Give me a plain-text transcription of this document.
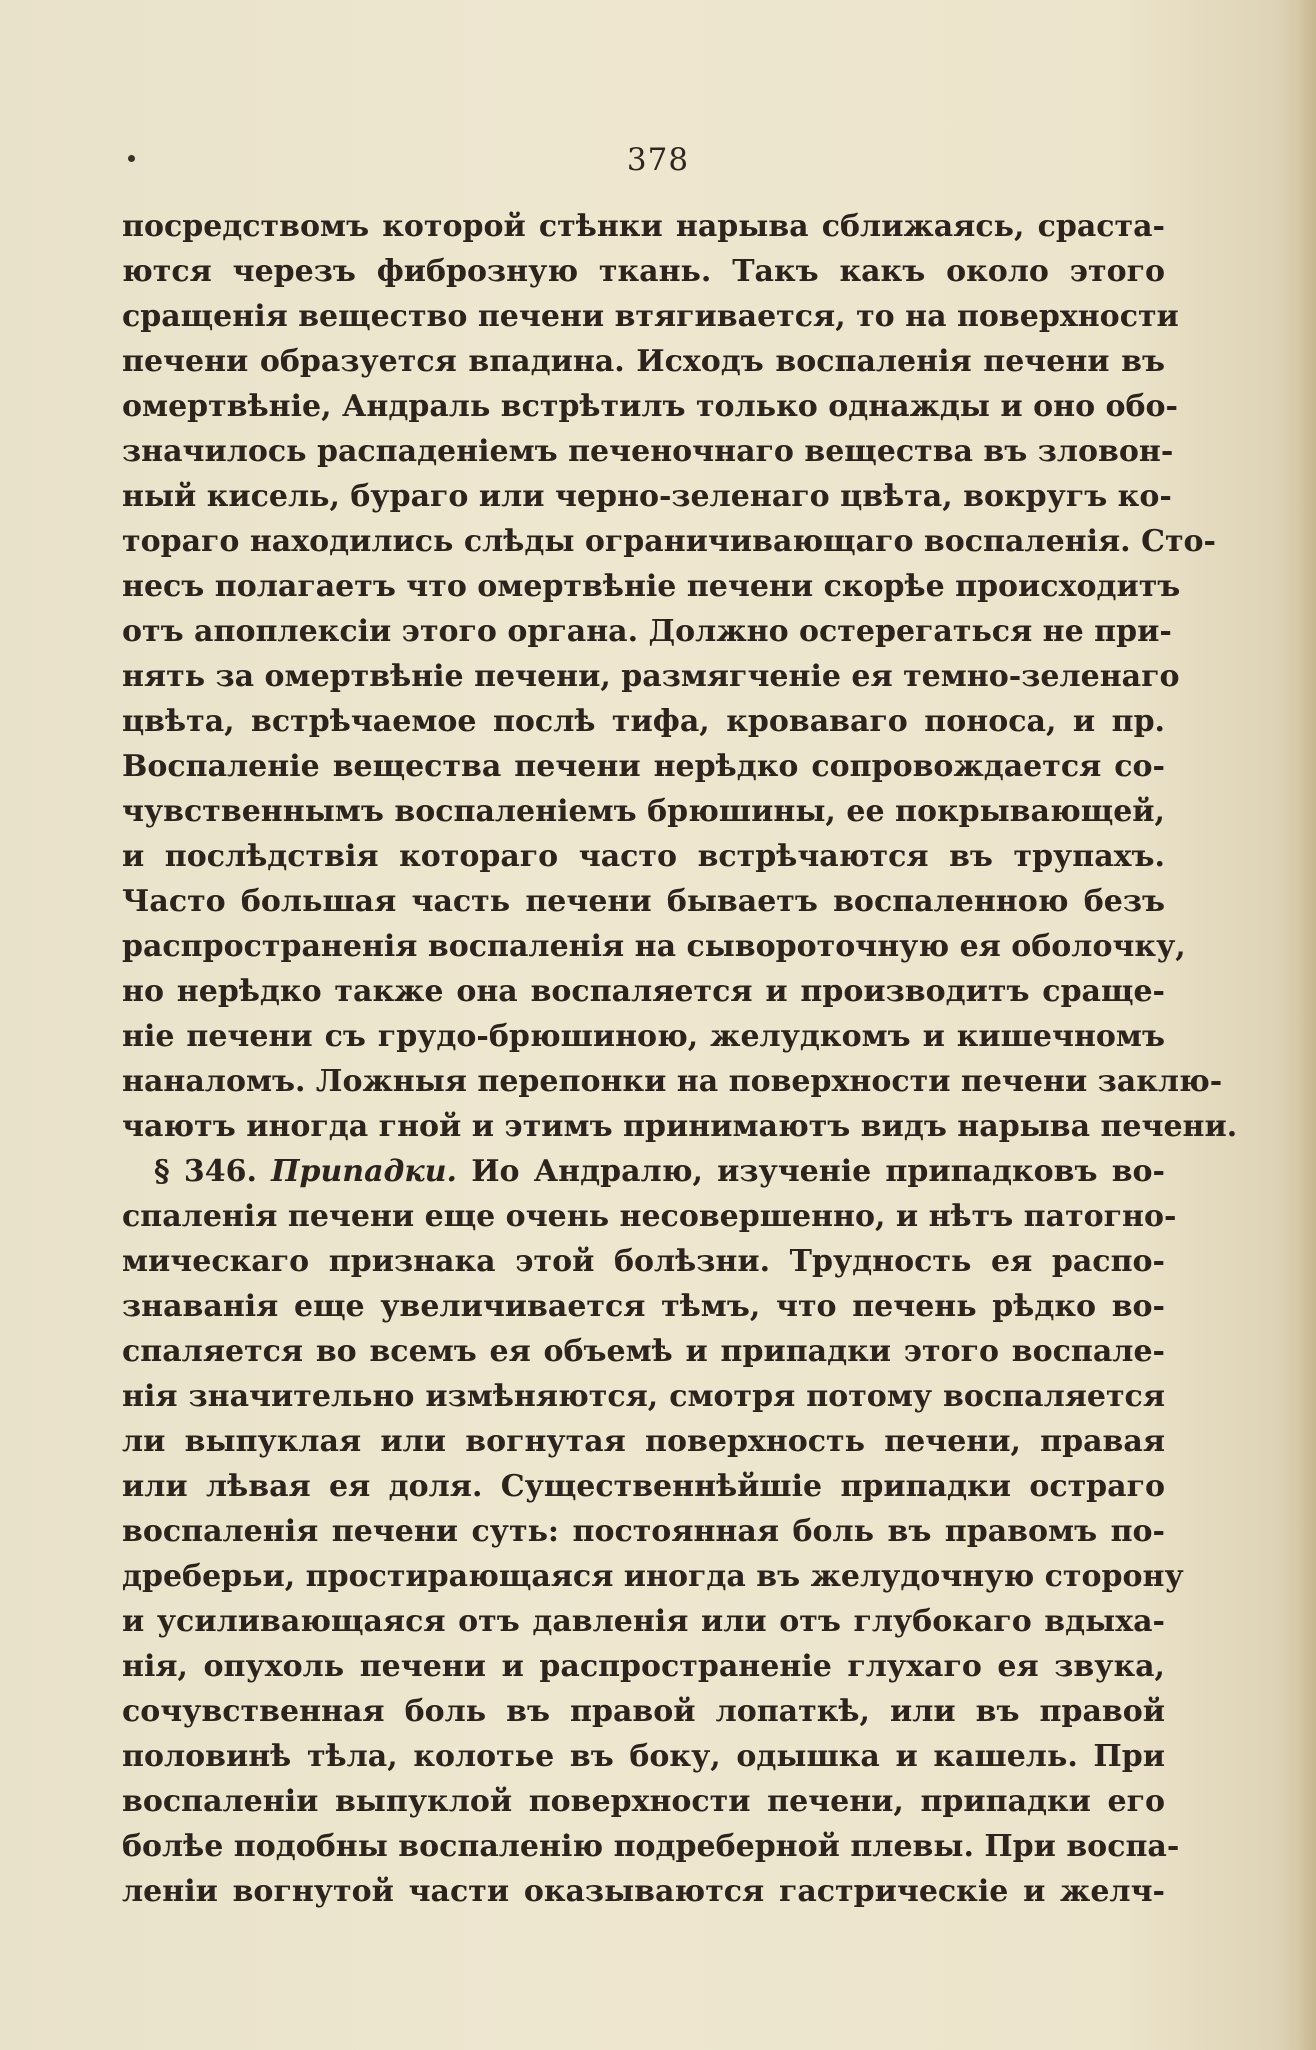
378
посредствомъ которой стѣнки нарыва сближаясь, сраста-
ются черезъ фиброзную ткань. Такъ какъ около этого
сращенія вещество печени втягивается, то на поверхности
печени образуется впадина. Исходъ воспаленія печени въ
омертвѣніе, Андраль встрѣтилъ только однажды и оно обо-
значилось распаденіемъ печеночнаго вещества въ зловон-
ный кисель, бураго или черно-зеленаго цвѣта, вокругъ ко-
тораго находились слѣды ограничивающаго воспаленія. Сто-
несъ полагаетъ что омертвѣніе печени скорѣе происходитъ
отъ апоплексіи этого органа. Должно остерегаться не при-
нять за омертвѣніе печени, размягченіе ея темно-зеленаго
цвѣта, встрѣчаемое послѣ тифа, кроваваго поноса, и пр.
Воспаленіе вещества печени нерѣдко сопровождается со-
чувственнымъ воспаленіемъ брюшины, ее покрывающей,
и послѣдствія котораго часто встрѣчаются въ трупахъ.
Часто большая часть печени бываетъ воспаленною безъ
распространенія воспаленія на сывороточную ея оболочку,
но нерѣдко также она воспаляется и производитъ сраще-
ніе печени съ грудо-брюшиною, желудкомъ и кишечномъ
наналомъ. Ложныя перепонки на поверхности печени заклю-
чаютъ иногда гной и этимъ принимаютъ видъ нарыва печени.
§ 346. Припадки. Ио Андралю, изученіе припадковъ во-
спаленія печени еще очень несовершенно, и нѣтъ патогно-
мическаго признака этой болѣзни. Трудность ея распо-
знаванія еще увеличивается тѣмъ, что печень рѣдко во-
спаляется во всемъ ея объемѣ и припадки этого воспале-
нія значительно измѣняются, смотря потому воспаляется
ли выпуклая или вогнутая поверхность печени, правая
или лѣвая ея доля. Существеннѣйшіе припадки остраго
воспаленія печени суть: постоянная боль въ правомъ по-
дреберьи, простирающаяся иногда въ желудочную сторону
и усиливающаяся отъ давленія или отъ глубокаго вдыха-
нія, опухоль печени и распространеніе глухаго ея звука,
сочувственная боль въ правой лопаткѣ, или въ правой
половинѣ тѣла, колотье въ боку, одышка и кашель. При
воспаленіи выпуклой поверхности печени, припадки его
болѣе подобны воспаленію подреберной плевы. При воспа-
леніи вогнутой части оказываются гастрическіе и желч-
